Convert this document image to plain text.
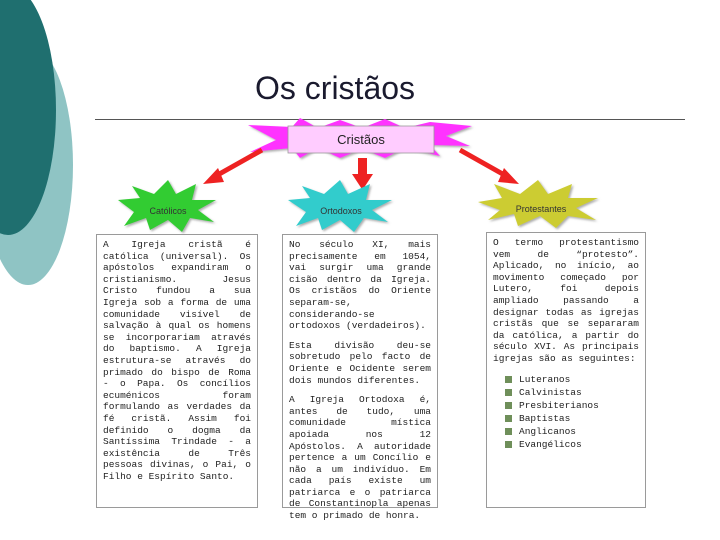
Os cristãos
Cristãos
Católicos	Ortodoxos	Protestantes

A Igreja cristã é católica (universal). Os apóstolos expandiram o cristianismo. Jesus Cristo fundou a sua Igreja sob a forma de uma comunidade visível de salvação à qual os homens se incorporariam através do baptismo. A Igreja estrutura-se através do primado do bispo de Roma - o Papa. Os concílios ecuménicos foram formulando as verdades da fé cristã. Assim foi definido o dogma da Santíssima Trindade - a existência de Três pessoas divinas, o Pai, o Filho e Espírito Santo.

No século XI, mais precisamente em 1054, vai surgir uma grande cisão dentro da Igreja. Os cristãos do Oriente separam-se, considerando-se ortodoxos (verdadeiros).

Esta divisão deu-se sobretudo pelo facto de Oriente e Ocidente serem dois mundos diferentes.

A Igreja Ortodoxa é, antes de tudo, uma comunidade mística apoiada nos 12 Apóstolos. A autoridade pertence a um Concílio e não a um indivíduo. Em cada país existe um patriarca e o patriarca de Constantinopla apenas tem o primado de honra.

O termo protestantismo vem de “protesto”. Aplicado, no início, ao movimento começado por Lutero, foi depois ampliado passando a designar todas as igrejas cristãs que se separaram da católica, a partir do século XVI. As principais igrejas são as seguintes:

Luteranos
Calvinistas
Presbiterianos
Baptistas
Anglicanos
Evangélicos
